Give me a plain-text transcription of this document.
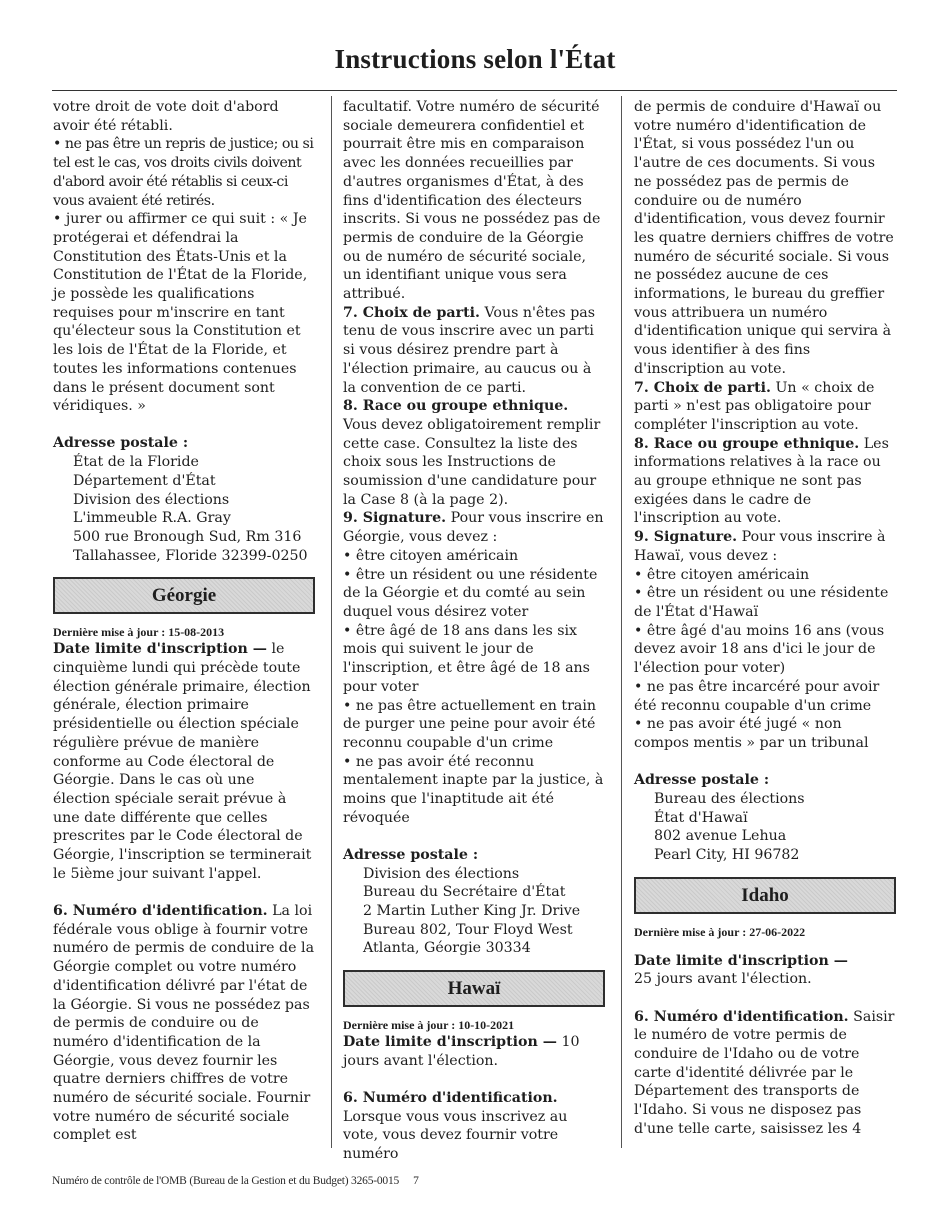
Instructions selon l'État

votre droit de vote doit d'abord avoir été rétabli.

• ne pas être un repris de justice; ou si tel est le cas, vos droits civils doivent d'abord avoir été rétablis si ceux-ci vous avaient été retirés.

• jurer ou affirmer ce qui suit : « Je protégerai et défendrai la Constitution des États-Unis et la Constitution de l'État de la Floride, je possède les qualifications requises pour m'inscrire en tant qu'électeur sous la Constitution et les lois de l'État de la Floride, et toutes les informations contenues dans le présent document sont véridiques. »

Adresse postale :

État de la Floride

Département d'État

Division des élections

L'immeuble R.A. Gray

500 rue Bronough Sud, Rm 316

Tallahassee, Floride 32399-0250

Géorgie

Dernière mise à jour : 15-08-2013

Date limite d'inscription — le cinquième lundi qui précède toute élection générale primaire, élection générale, élection primaire présidentielle ou élection spéciale régulière prévue de manière conforme au Code électoral de Géorgie. Dans le cas où une élection spéciale serait prévue à une date différente que celles prescrites par le Code électoral de Géorgie, l'inscription se terminerait le 5ième jour suivant l'appel.

6. Numéro d'identification. La loi fédérale vous oblige à fournir votre numéro de permis de conduire de la Géorgie complet ou votre numéro d'identification délivré par l'état de la Géorgie. Si vous ne possédez pas de permis de conduire ou de numéro d'identification de la Géorgie, vous devez fournir les quatre derniers chiffres de votre numéro de sécurité sociale. Fournir votre numéro de sécurité sociale complet est

facultatif. Votre numéro de sécurité sociale demeurera confidentiel et pourrait être mis en comparaison avec les données recueillies par d'autres organismes d'État, à des fins d'identification des électeurs inscrits. Si vous ne possédez pas de permis de conduire de la Géorgie ou de numéro de sécurité sociale, un identifiant unique vous sera attribué.

7. Choix de parti. Vous n'êtes pas tenu de vous inscrire avec un parti si vous désirez prendre part à l'élection primaire, au caucus ou à la convention de ce parti.

8. Race ou groupe ethnique. Vous devez obligatoirement remplir cette case. Consultez la liste des choix sous les Instructions de soumission d'une candidature pour la Case 8 (à la page 2).

9. Signature. Pour vous inscrire en Géorgie, vous devez :

• être citoyen américain

• être un résident ou une résidente de la Géorgie et du comté au sein duquel vous désirez voter

• être âgé de 18 ans dans les six mois qui suivent le jour de l'inscription, et être âgé de 18 ans pour voter

• ne pas être actuellement en train de purger une peine pour avoir été reconnu coupable d'un crime

• ne pas avoir été reconnu mentalement inapte par la justice, à moins que l'inaptitude ait été révoquée

Adresse postale :

Division des élections

Bureau du Secrétaire d'État

2 Martin Luther King Jr. Drive

Bureau 802, Tour Floyd West

Atlanta, Géorgie 30334

Hawaï

Dernière mise à jour : 10-10-2021

Date limite d'inscription — 10 jours avant l'élection.

6. Numéro d'identification.

Lorsque vous vous inscrivez au vote, vous devez fournir votre numéro

de permis de conduire d'Hawaï ou votre numéro d'identification de l'État, si vous possédez l'un ou l'autre de ces documents. Si vous ne possédez pas de permis de conduire ou de numéro d'identification, vous devez fournir les quatre derniers chiffres de votre numéro de sécurité sociale. Si vous ne possédez aucune de ces informations, le bureau du greffier vous attribuera un numéro d'identification unique qui servira à vous identifier à des fins d'inscription au vote.

7. Choix de parti. Un « choix de parti » n'est pas obligatoire pour compléter l'inscription au vote.

8. Race ou groupe ethnique. Les informations relatives à la race ou au groupe ethnique ne sont pas exigées dans le cadre de l'inscription au vote.

9. Signature. Pour vous inscrire à Hawaï, vous devez :

• être citoyen américain

• être un résident ou une résidente de l'État d'Hawaï

• être âgé d'au moins 16 ans (vous devez avoir 18 ans d'ici le jour de l'élection pour voter)

• ne pas être incarcéré pour avoir été reconnu coupable d'un crime

• ne pas avoir été jugé « non compos mentis » par un tribunal

Adresse postale :

Bureau des élections

État d'Hawaï

802 avenue Lehua

Pearl City, HI 96782

Idaho

Dernière mise à jour : 27-06-2022

Date limite d'inscription —

25 jours avant l'élection.

6. Numéro d'identification. Saisir le numéro de votre permis de conduire de l'Idaho ou de votre carte d'identité délivrée par le Département des transports de l'Idaho. Si vous ne disposez pas d'une telle carte, saisissez les 4

Numéro de contrôle de l'OMB (Bureau de la Gestion et du Budget) 3265-0015 7
